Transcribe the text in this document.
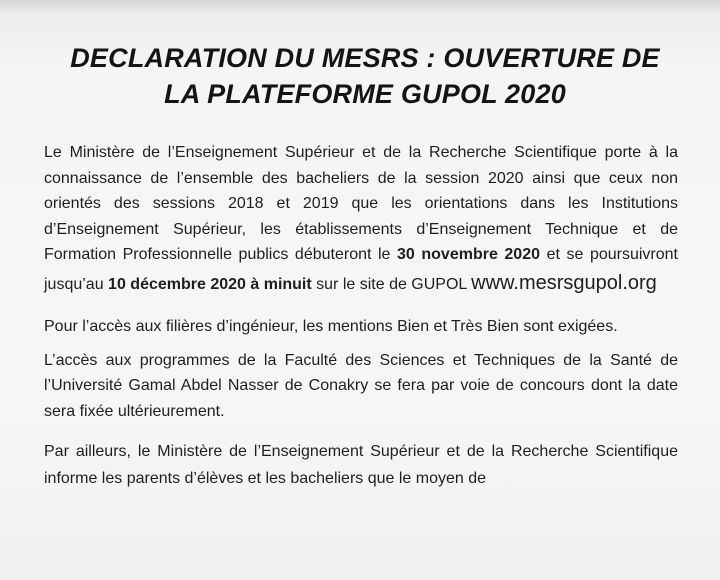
DECLARATION DU MESRS : OUVERTURE DE
LA PLATEFORME GUPOL 2020

Le Ministère de l’Enseignement Supérieur et de la Recherche Scientifique porte à la connaissance de l’ensemble des bacheliers de la session 2020 ainsi que ceux non orientés des sessions 2018 et 2019 que les orientations dans les Institutions d’Enseignement Supérieur, les établissements d’Enseignement Technique et de Formation Professionnelle publics débuteront le 30 novembre 2020 et se poursuivront jusqu’au 10 décembre 2020 à minuit sur le site de GUPOL www.mesrsgupol.org

Pour l’accès aux filières d’ingénieur, les mentions Bien et Très Bien sont exigées.

L’accès aux programmes de la Faculté des Sciences et Techniques de la Santé de l’Université Gamal Abdel Nasser de Conakry se fera par voie de concours dont la date sera fixée ultérieurement.

Par ailleurs, le Ministère de l’Enseignement Supérieur et de la Recherche Scientifique informe les parents d’élèves et les bacheliers que le moyen de
